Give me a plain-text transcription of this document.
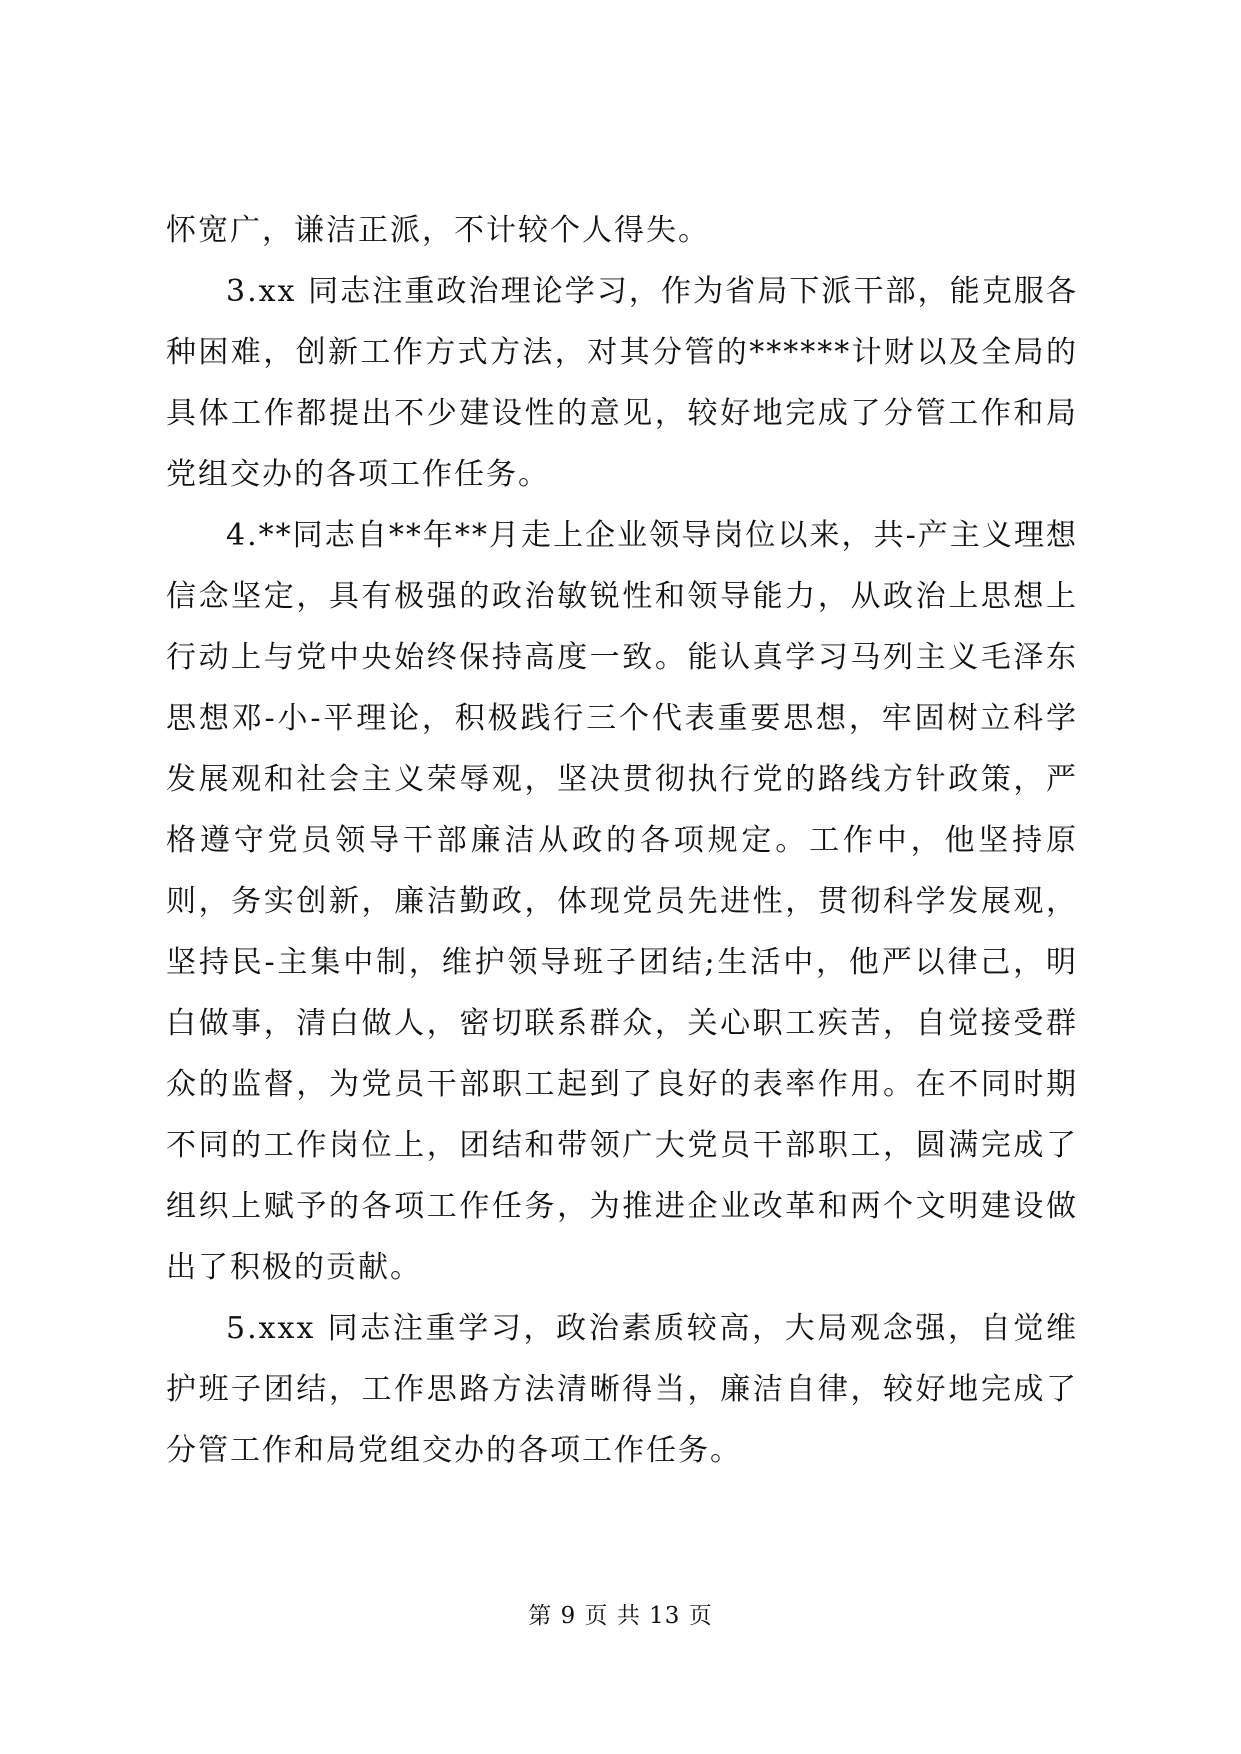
怀宽广，谦洁正派，不计较个人得失。

3.xx 同志注重政治理论学习，作为省局下派干部，能克服各种困难，创新工作方式方法，对其分管的******计财以及全局的具体工作都提出不少建设性的意见，较好地完成了分管工作和局党组交办的各项工作任务。

4.**同志自**年**月走上企业领导岗位以来，共-产主义理想信念坚定，具有极强的政治敏锐性和领导能力，从政治上思想上行动上与党中央始终保持高度一致。能认真学习马列主义毛泽东思想邓-小-平理论，积极践行三个代表重要思想，牢固树立科学发展观和社会主义荣辱观，坚决贯彻执行党的路线方针政策，严格遵守党员领导干部廉洁从政的各项规定。工作中，他坚持原则，务实创新，廉洁勤政，体现党员先进性，贯彻科学发展观，坚持民-主集中制，维护领导班子团结;生活中，他严以律己，明白做事，清白做人，密切联系群众，关心职工疾苦，自觉接受群众的监督，为党员干部职工起到了良好的表率作用。在不同时期不同的工作岗位上，团结和带领广大党员干部职工，圆满完成了组织上赋予的各项工作任务，为推进企业改革和两个文明建设做出了积极的贡献。

5.xxx 同志注重学习，政治素质较高，大局观念强，自觉维护班子团结，工作思路方法清晰得当，廉洁自律，较好地完成了分管工作和局党组交办的各项工作任务。

第 9 页 共 13 页
